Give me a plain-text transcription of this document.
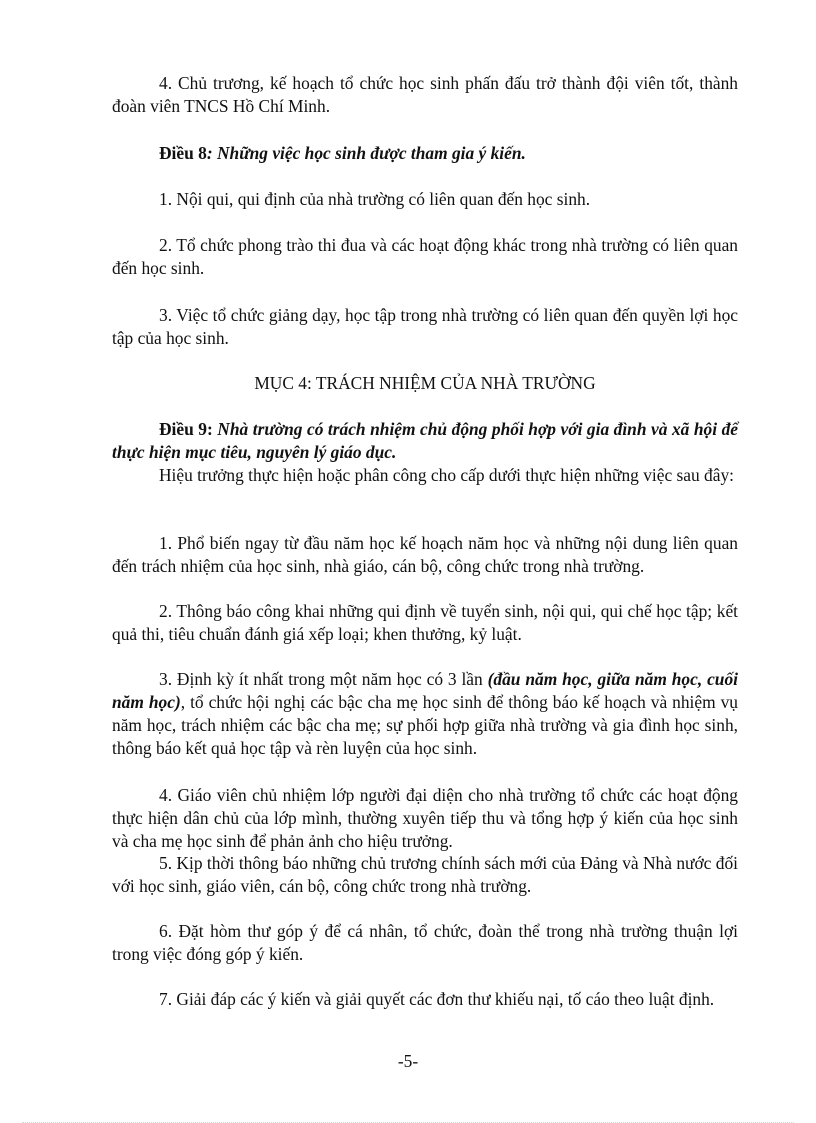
4. Chủ trương, kế hoạch tổ chức học sinh phấn đấu trở thành đội viên tốt, thành đoàn viên TNCS Hồ Chí Minh.

Điều 8: Những việc học sinh được tham gia ý kiến.

1. Nội qui, qui định của nhà trường có liên quan đến học sinh.

2. Tổ chức phong trào thi đua và các hoạt động khác trong nhà trường có liên quan đến học sinh.

3. Việc tổ chức giảng dạy, học tập trong nhà trường có liên quan đến quyền lợi học tập của học sinh.

MỤC 4: TRÁCH NHIỆM CỦA NHÀ TRƯỜNG

Điều 9: Nhà trường có trách nhiệm chủ động phối hợp với gia đình và xã hội để thực hiện mục tiêu, nguyên lý giáo dục.

Hiệu trưởng thực hiện hoặc phân công cho cấp dưới thực hiện những việc sau đây:

1. Phổ biến ngay từ đầu năm học kế hoạch năm học và những nội dung liên quan đến trách nhiệm của học sinh, nhà giáo, cán bộ, công chức trong nhà trường.

2. Thông báo công khai những qui định về tuyển sinh, nội qui, qui chế học tập; kết quả thi, tiêu chuẩn đánh giá xếp loại; khen thưởng, kỷ luật.

3. Định kỳ ít nhất trong một năm học có 3 lần (đầu năm học, giữa năm học, cuối năm học), tổ chức hội nghị các bậc cha mẹ học sinh để thông báo kế hoạch và nhiệm vụ năm học, trách nhiệm các bậc cha mẹ; sự phối hợp giữa nhà trường và gia đình học sinh, thông báo kết quả học tập và rèn luyện của học sinh.

4. Giáo viên chủ nhiệm lớp người đại diện cho nhà trường tổ chức các hoạt động thực hiện dân chủ của lớp mình, thường xuyên tiếp thu và tổng hợp ý kiến của học sinh và cha mẹ học sinh để phản ảnh cho hiệu trưởng.

5. Kịp thời thông báo những chủ trương chính sách mới của Đảng và Nhà nước đối với học sinh, giáo viên, cán bộ, công chức trong nhà trường.

6. Đặt hòm thư góp ý để cá nhân, tổ chức, đoàn thể trong nhà trường thuận lợi trong việc đóng góp ý kiến.

7. Giải đáp các ý kiến và giải quyết các đơn thư khiếu nại, tố cáo theo luật định.

-5-
